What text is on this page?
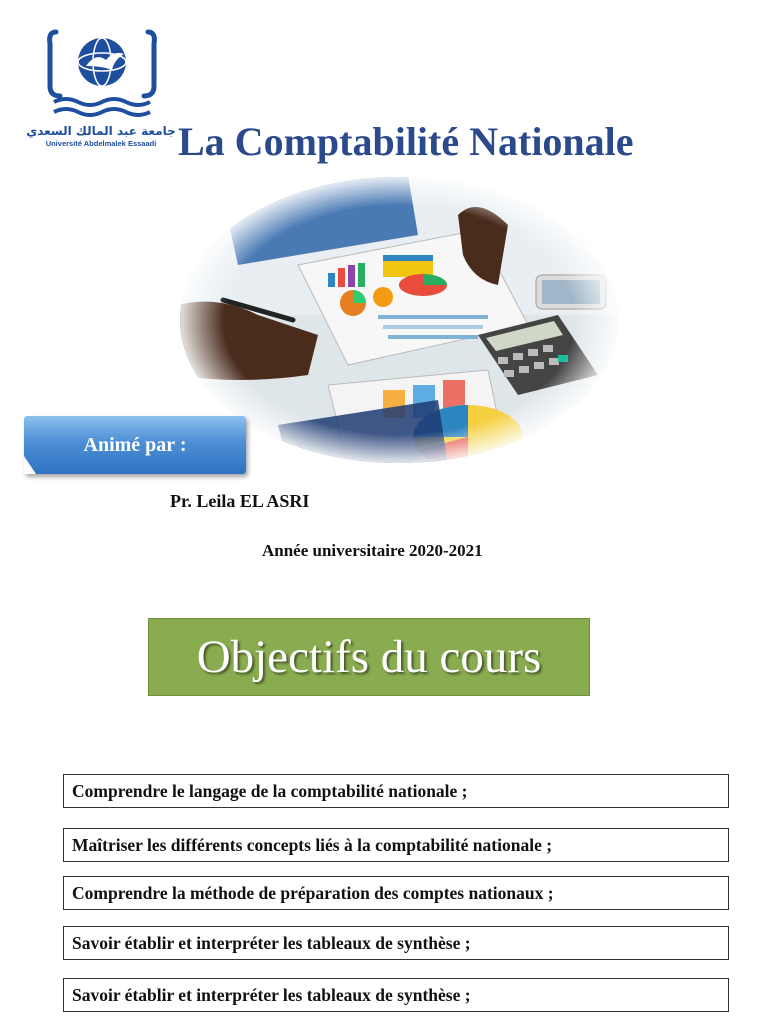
جامعة عبد المالك السعدي
Université Abdelmalek Essaadi La Comptabilité Nationale
Animé par :
Pr. Leila EL ASRI
Année universitaire 2020-2021
Objectifs du cours
Comprendre le langage de la comptabilité nationale ;
Maîtriser les différents concepts liés à la comptabilité nationale ;
Comprendre la méthode de préparation des comptes nationaux ;
Savoir établir et interpréter les tableaux de synthèse ;
Savoir établir et interpréter les tableaux de synthèse ;
